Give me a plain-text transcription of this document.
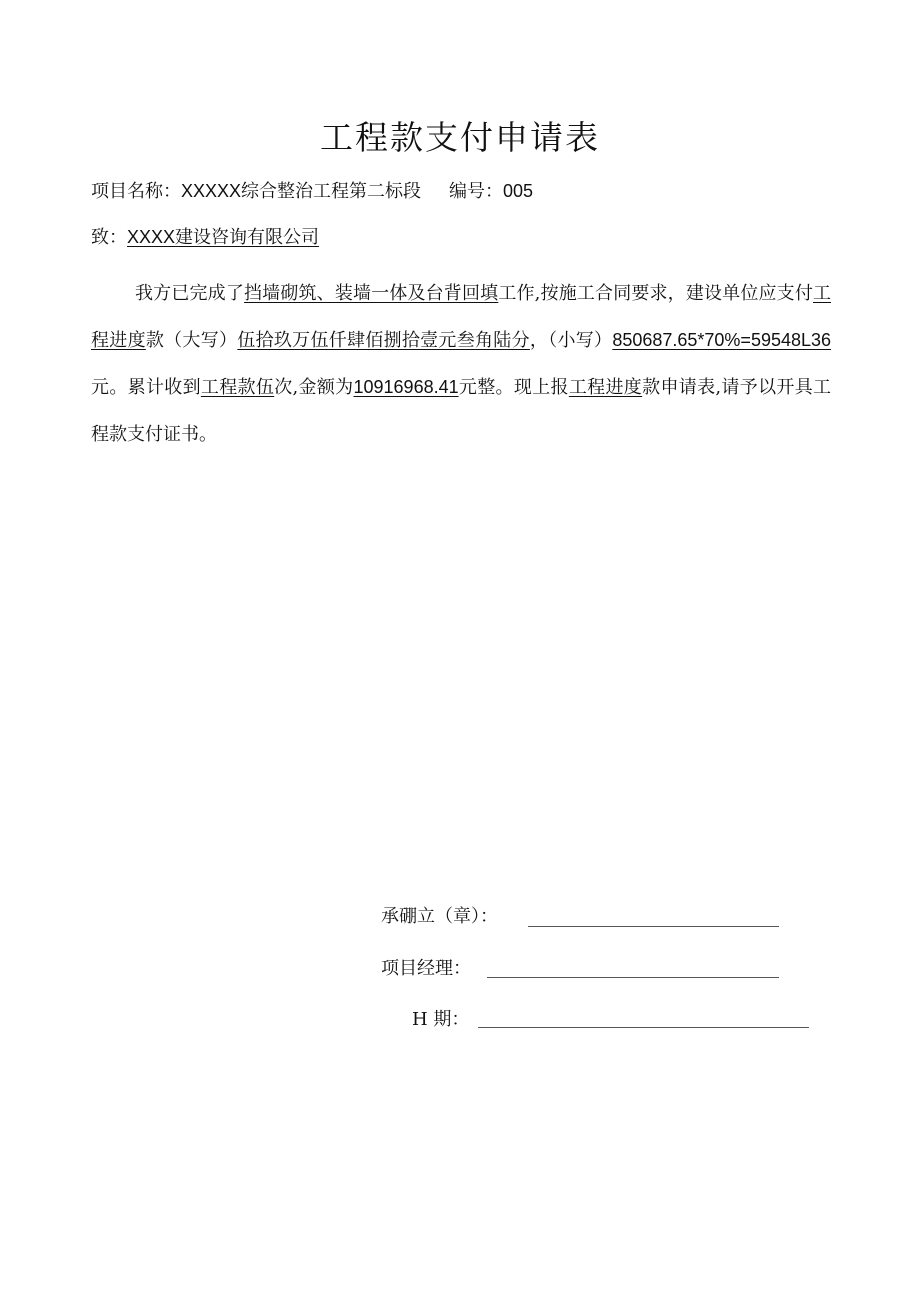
工程款支付申请表
项目名称：XXXXX综合整治工程第二标段 编号：005
致：XXXX建设咨询有限公司
我方已完成了挡墙砌筑、装墙一体及台背回填工作,按施工合同要求，建设单位应支付工程进度款（大写）伍拾玖万伍仟肆佰捌拾壹元叁角陆分，（小写）850687.65*70%=59548L36元。累计收到工程款伍次,金额为10916968.41元整。现上报工程进度款申请表,请予以开具工程款支付证书。
承硼立（章）：
项目经理：
H 期：
